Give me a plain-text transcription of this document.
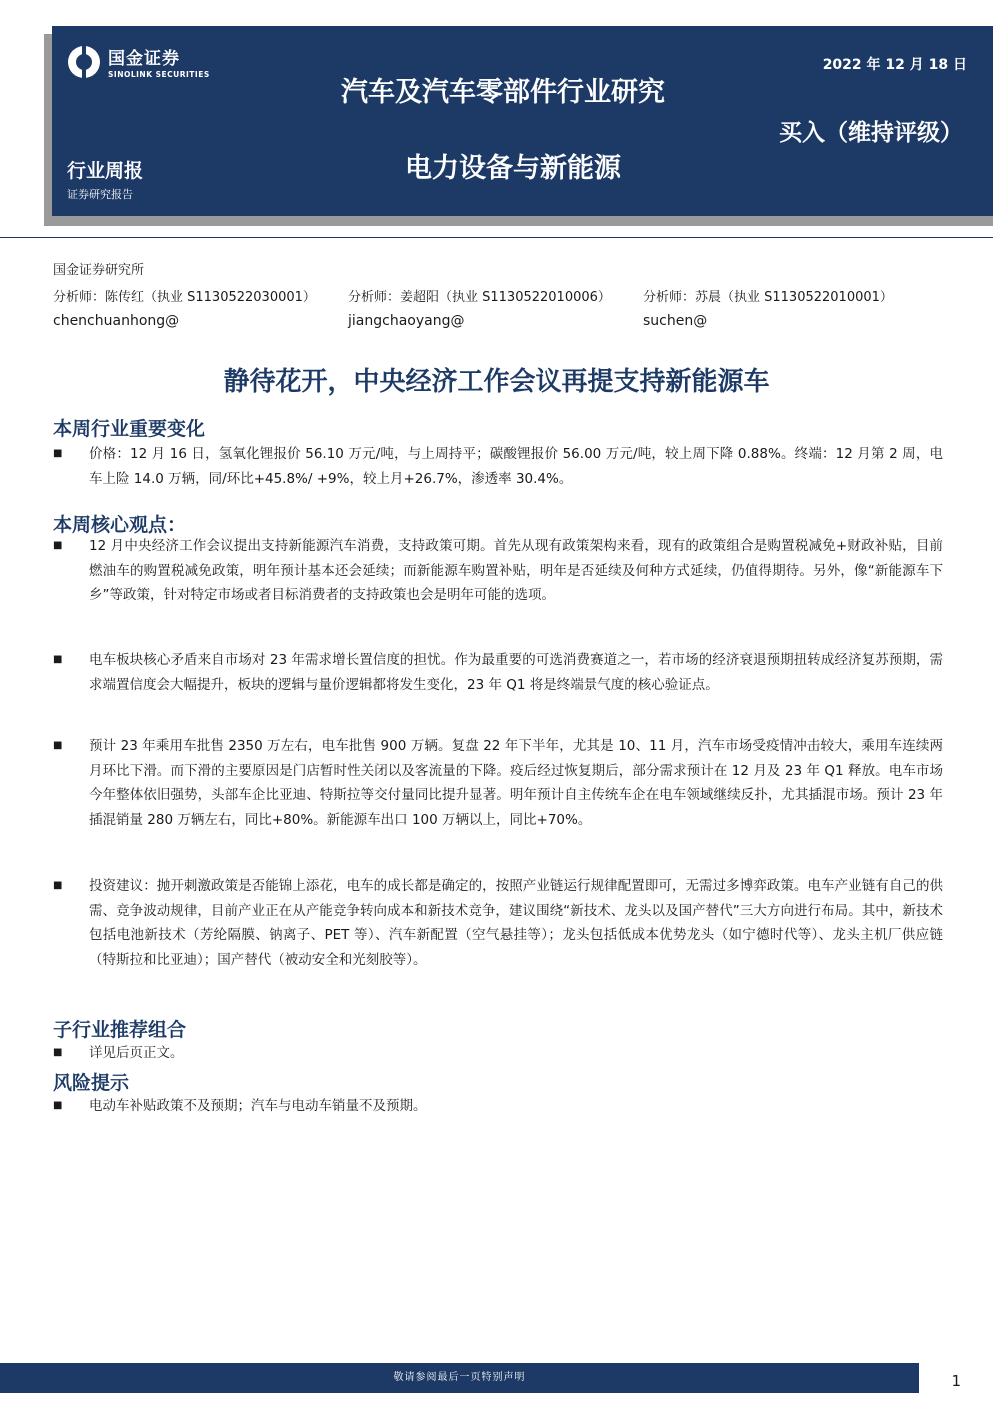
国金证券
SINOLINK SECURITIES
2022 年 12 月 18 日
汽车及汽车零部件行业研究
买入（维持评级）
电力设备与新能源
行业周报
证券研究报告
国金证券研究所
分析师：陈传红（执业 S1130522030001） 分析师：姜超阳（执业 S1130522010006） 分析师：苏晨（执业 S1130522010001）
chenchuanhong@	jiangchaoyang@	suchen@
静待花开，中央经济工作会议再提支持新能源车
本周行业重要变化
■ 价格：12 月 16 日，氢氧化锂报价 56.10 万元/吨，与上周持平；碳酸锂报价 56.00 万元/吨，较上周下降 0.88%。终端：12 月第 2 周，电车上险 14.0 万辆，同/环比+45.8%/ +9%，较上月+26.7%，渗透率 30.4%。
本周核心观点：
■ 12 月中央经济工作会议提出支持新能源汽车消费，支持政策可期。首先从现有政策架构来看，现有的政策组合是购置税减免+财政补贴，目前燃油车的购置税减免政策，明年预计基本还会延续；而新能源车购置补贴，明年是否延续及何种方式延续，仍值得期待。另外，像“新能源车下乡”等政策，针对特定市场或者目标消费者的支持政策也会是明年可能的选项。
■ 电车板块核心矛盾来自市场对 23 年需求增长置信度的担忧。作为最重要的可选消费赛道之一，若市场的经济衰退预期扭转成经济复苏预期，需求端置信度会大幅提升，板块的逻辑与量价逻辑都将发生变化，23 年 Q1 将是终端景气度的核心验证点。
■ 预计 23 年乘用车批售 2350 万左右，电车批售 900 万辆。复盘 22 年下半年，尤其是 10、11 月，汽车市场受疫情冲击较大，乘用车连续两月环比下滑。而下滑的主要原因是门店暂时性关闭以及客流量的下降。疫后经过恢复期后，部分需求预计在 12 月及 23 年 Q1 释放。电车市场今年整体依旧强势，头部车企比亚迪、特斯拉等交付量同比提升显著。明年预计自主传统车企在电车领域继续反扑，尤其插混市场。预计 23 年插混销量 280 万辆左右，同比+80%。新能源车出口 100 万辆以上，同比+70%。
■ 投资建议：抛开刺激政策是否能锦上添花，电车的成长都是确定的，按照产业链运行规律配置即可，无需过多博弈政策。电车产业链有自己的供需、竞争波动规律，目前产业正在从产能竞争转向成本和新技术竞争，建议围绕“新技术、龙头以及国产替代”三大方向进行布局。其中，新技术包括电池新技术（芳纶隔膜、钠离子、PET 等）、汽车新配置（空气悬挂等）；龙头包括低成本优势龙头（如宁德时代等）、龙头主机厂供应链（特斯拉和比亚迪）；国产替代（被动安全和光刻胶等）。
子行业推荐组合
■ 详见后页正文。
风险提示
■ 电动车补贴政策不及预期；汽车与电动车销量不及预期。
敬请参阅最后一页特别声明	1
